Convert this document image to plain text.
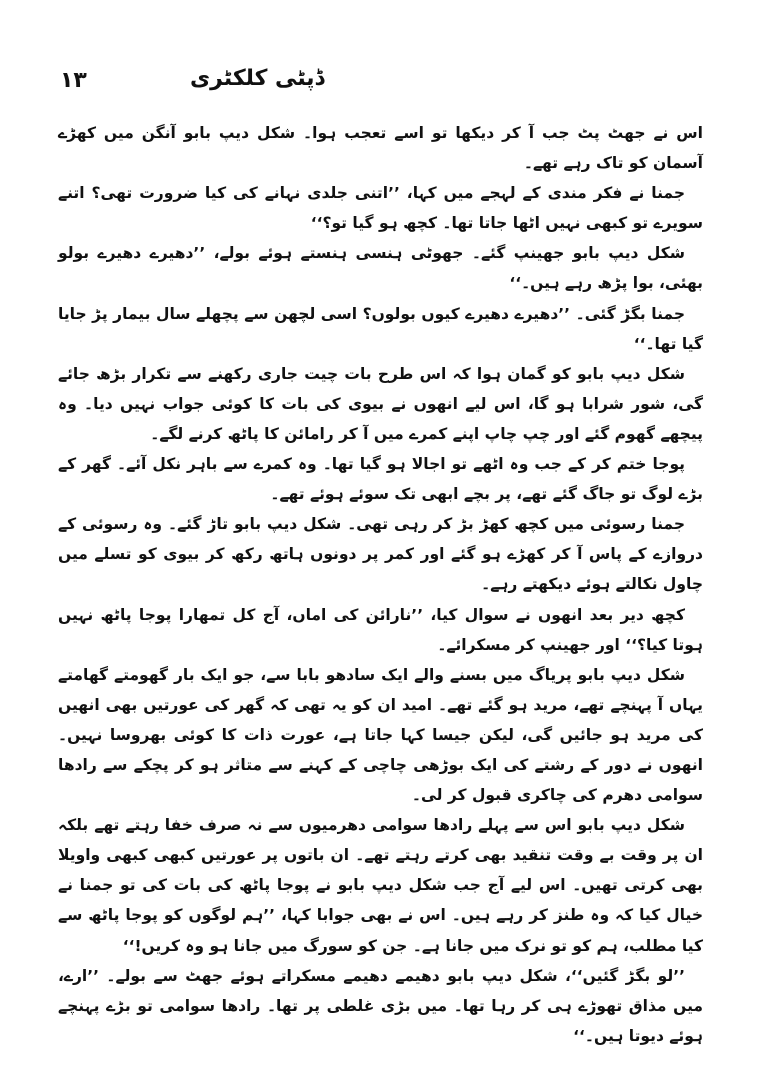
۱۳	ڈپٹی کلکٹری

اس نے جھٹ پٹ جب آ کر دیکھا تو اسے تعجب ہوا۔ شکل دیپ بابو آنگن میں کھڑے آسمان کو تاک رہے تھے۔

جمنا نے فکر مندی کے لہجے میں کہا، ’’اتنی جلدی نہانے کی کیا ضرورت تھی؟ اتنے سویرے تو کبھی نہیں اٹھا جاتا تھا۔ کچھ ہو گیا تو؟‘‘

شکل دیپ بابو جھینپ گئے۔ جھوٹی ہنسی ہنستے ہوئے بولے، ’’دھیرے دھیرے بولو بھئی، بوا پڑھ رہے ہیں۔‘‘

جمنا بگڑ گئی۔ ’’دھیرے دھیرے کیوں بولوں؟ اسی لچھن سے پچھلے سال بیمار پڑ جایا گیا تھا۔‘‘

شکل دیپ بابو کو گمان ہوا کہ اس طرح بات چیت جاری رکھنے سے تکرار بڑھ جائے گی، شور شرابا ہو گا، اس لیے انھوں نے بیوی کی بات کا کوئی جواب نہیں دیا۔ وہ پیچھے گھوم گئے اور چپ چاپ اپنے کمرے میں آ کر رامائن کا پاٹھ کرنے لگے۔

پوجا ختم کر کے جب وہ اٹھے تو اجالا ہو گیا تھا۔ وہ کمرے سے باہر نکل آئے۔ گھر کے بڑے لوگ تو جاگ گئے تھے، پر بچے ابھی تک سوئے ہوئے تھے۔

جمنا رسوئی میں کچھ کھڑ بڑ کر رہی تھی۔ شکل دیپ بابو تاڑ گئے۔ وہ رسوئی کے دروازے کے پاس آ کر کھڑے ہو گئے اور کمر پر دونوں ہاتھ رکھ کر بیوی کو تسلے میں چاول نکالتے ہوئے دیکھتے رہے۔

کچھ دیر بعد انھوں نے سوال کیا، ’’نارائن کی اماں، آج کل تمھارا پوجا پاٹھ نہیں ہوتا کیا؟‘‘ اور جھینپ کر مسکرائے۔

شکل دیپ بابو پریاگ میں بسنے والے ایک سادھو بابا سے، جو ایک بار گھومتے گھامتے یہاں آ پہنچے تھے، مرید ہو گئے تھے۔ امید ان کو یہ تھی کہ گھر کی عورتیں بھی انھیں کی مرید ہو جائیں گی، لیکن جیسا کہا جاتا ہے، عورت ذات کا کوئی بھروسا نہیں۔ انھوں نے دور کے رشتے کی ایک بوڑھی چاچی کے کہنے سے متاثر ہو کر پچکے سے رادھا سوامی دھرم کی چاکری قبول کر لی۔

شکل دیپ بابو اس سے پہلے رادھا سوامی دھرمیوں سے نہ صرف خفا رہتے تھے بلکہ ان پر وقت بے وقت تنقید بھی کرتے رہتے تھے۔ ان باتوں پر عورتیں کبھی کبھی واویلا بھی کرتی تھیں۔ اس لیے آج جب شکل دیپ بابو نے پوجا پاٹھ کی بات کی تو جمنا نے خیال کیا کہ وہ طنز کر رہے ہیں۔ اس نے بھی جوابا کہا، ’’ہم لوگوں کو پوجا پاٹھ سے کیا مطلب، ہم کو تو نرک میں جانا ہے۔ جن کو سورگ میں جانا ہو وہ کریں!‘‘

’’لو بگڑ گئیں‘‘، شکل دیپ بابو دھیمے دھیمے مسکراتے ہوئے جھٹ سے بولے۔ ’’ارے، میں مذاق تھوڑے ہی کر رہا تھا۔ میں بڑی غلطی پر تھا۔ رادھا سوامی تو بڑے پہنچے ہوئے دیوتا ہیں۔‘‘
